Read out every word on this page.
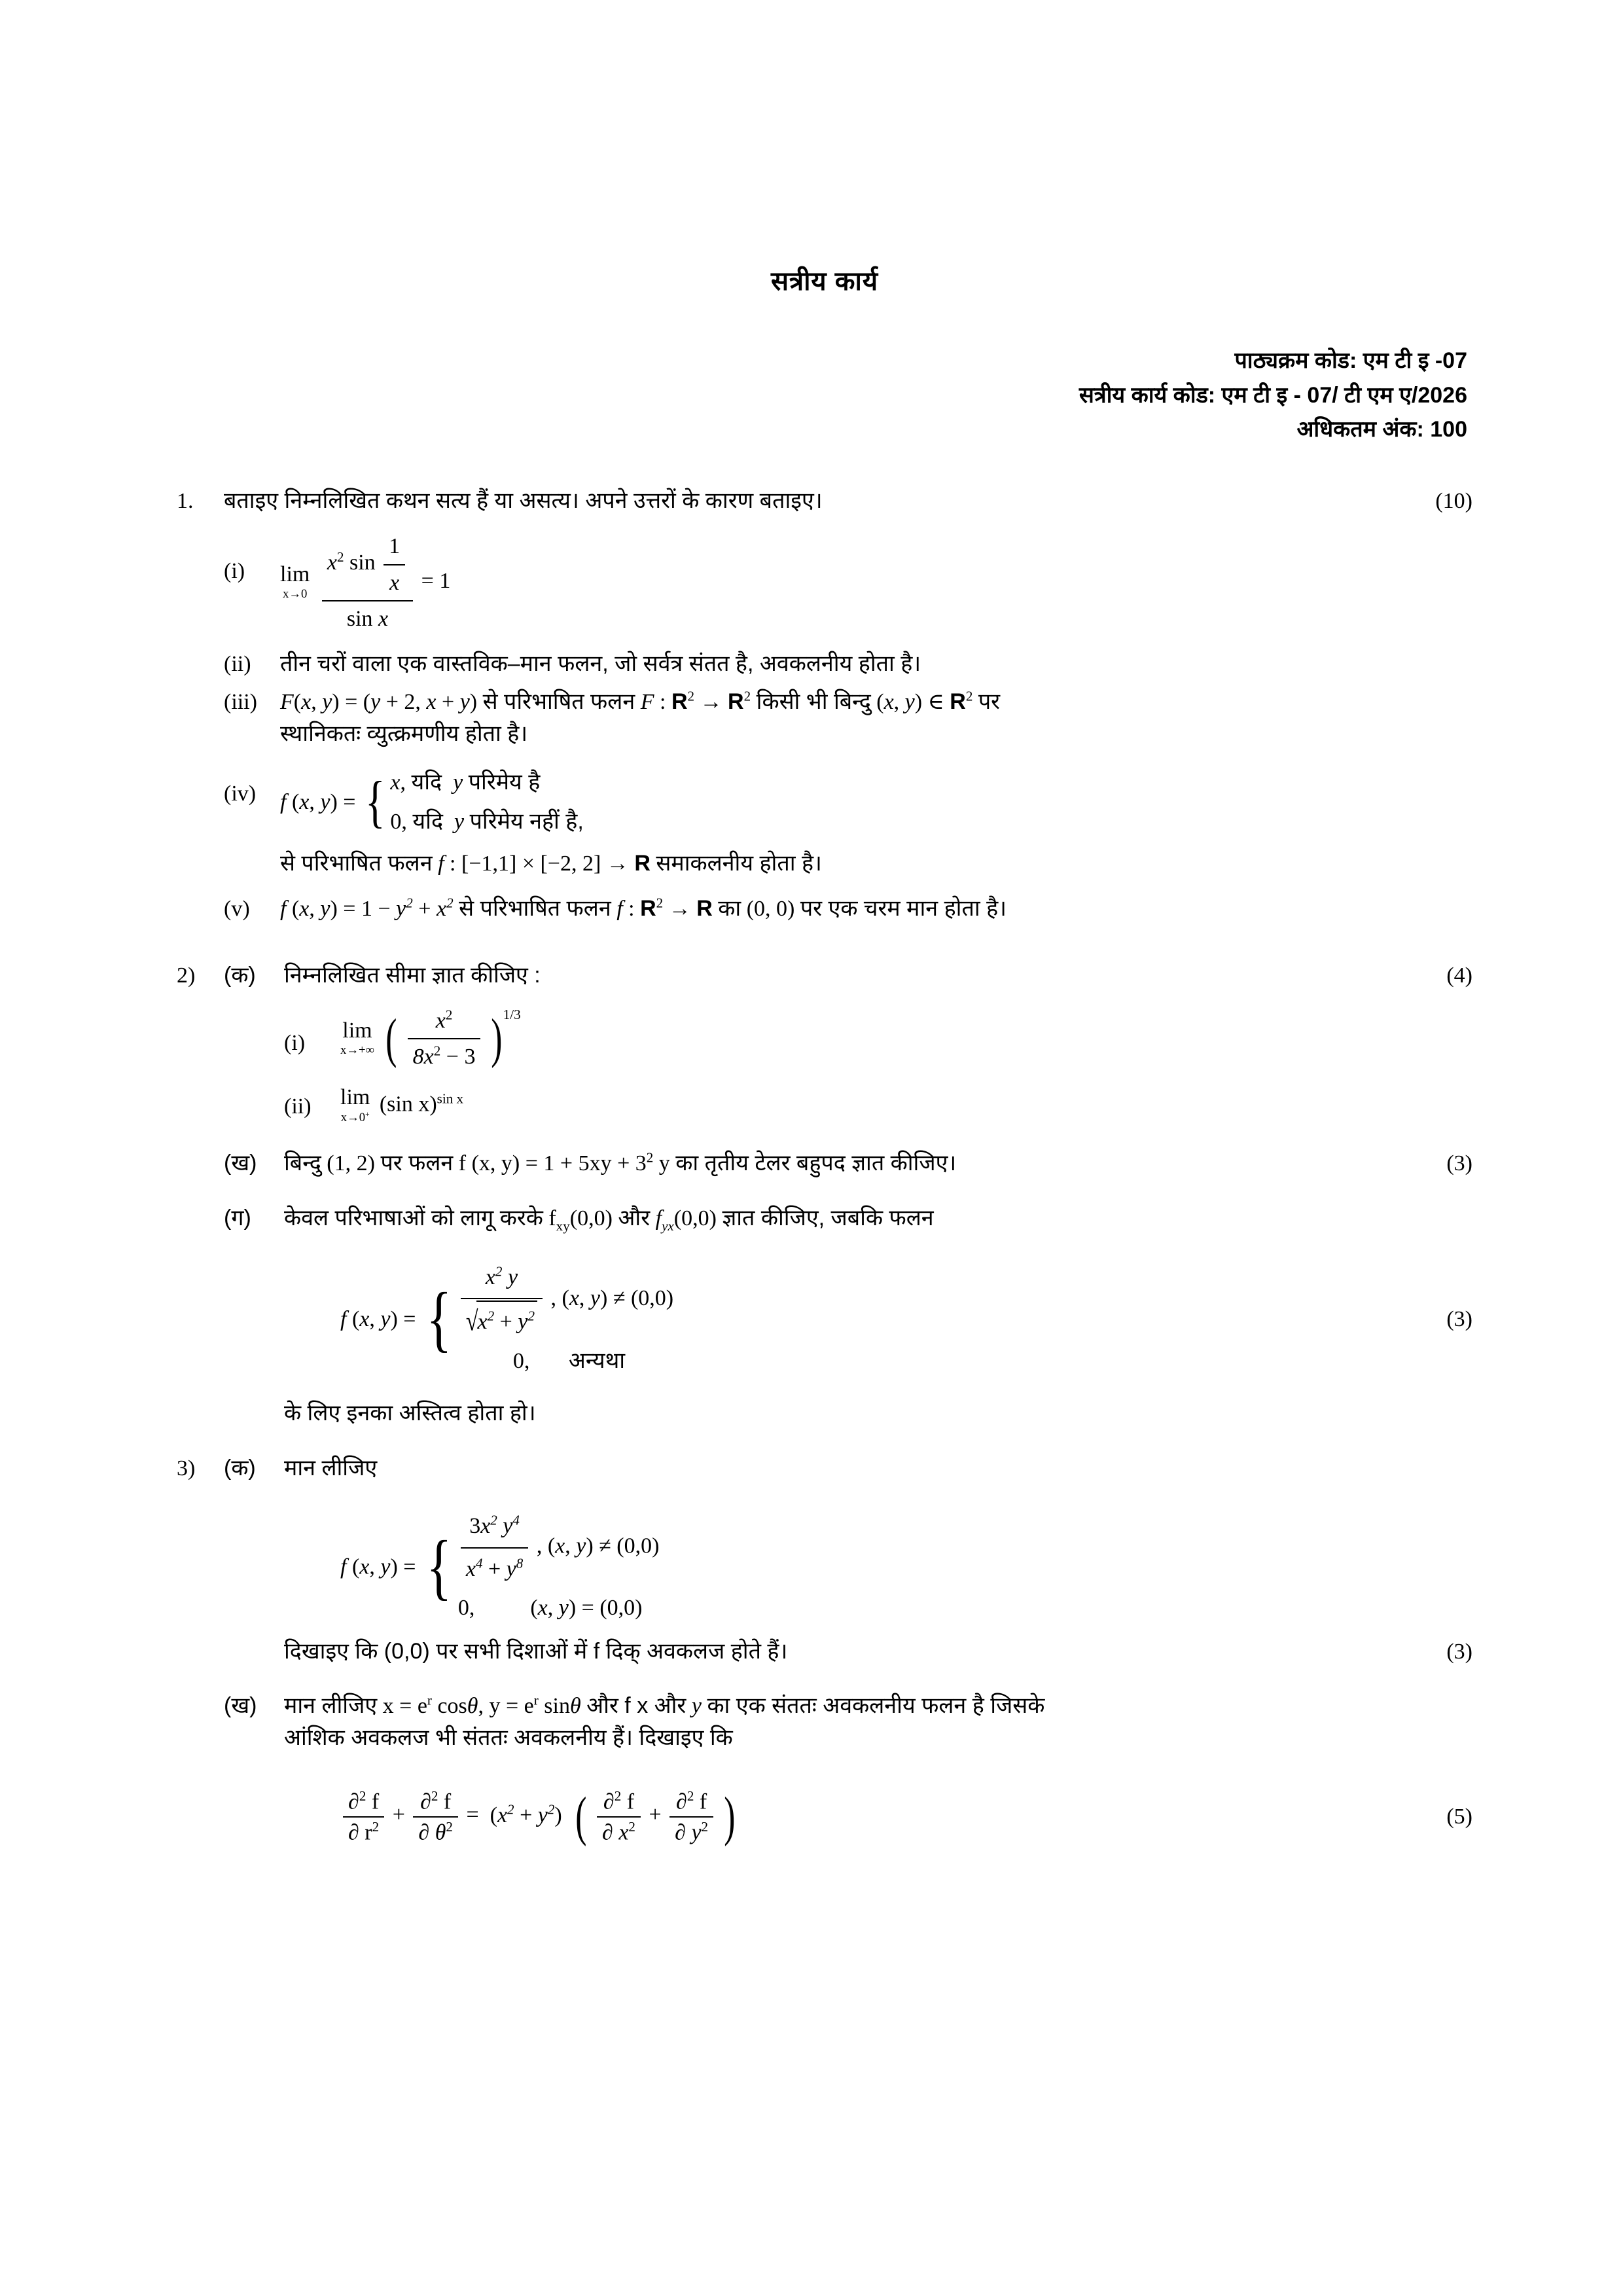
सत्रीय कार्य
पाठ्यक्रम कोड: एम टी इ -07
सत्रीय कार्य कोड: एम टी इ - 07/ टी एम ए/2026
अधिकतम अंक: 100
1.	बताइए निम्नलिखित कथन सत्य हैं या असत्य। अपने उत्तरों के कारण बताइए।	(10)
(i)	lim
x→0
$\frac{x^2 \sin \frac{1}{x}}{\text{sin x}} = 1$
(ii)	तीन चरों वाला एक वास्तविक–मान फलन, जो सर्वत्र संतत है, अवकलनीय होता है।
(iii)	F(x, y) = (y + 2, x + y) से परिभाषित फलन F : $R^2 \to R^2$ किसी भी बिन्दु (x, y) ∈ $R^2$ पर
स्थानिकतः व्युत्क्रमणीय होता है।
(iv)	f (x, y) = { x, यदि y परिमेय है
0, यदि y परिमेय नहीं है,
से परिभाषित फलन f : [−1,1] × [−2, 2] → R समाकलनीय होता है।
(v)	f (x, $y) = 1 - y^2 + x^2$ से परिभाषित फलन f : $R^2 \to R$ का (0, 0) पर एक चरम मान होता है।
2)	(क)	निम्नलिखित सीमा ज्ञात कीजिए :	(4)
(i)
lim
x→+∞ ( $\frac{x^2}{8x^2 - 3} )^{1/3}$
(ii)	lim
x→0+ (sin x)$^{sin x}$
(ख)	बिन्दु (1, 2) पर फलन f (x, $y) = 1 + 5xy + 3^2$ y का तृतीय टेलर बहुपद ज्ञात कीजिए।	(3)
(ग)	केवल परिभाषाओं को लागू करके $f_{xy}(0,0)$ और $f_{yx}(0,0)$ ज्ञात कीजिए, जबकि फलन
f (x, y) = { $\frac{x^2 y}{√x^2 + y^2}$ , (x, y) ≠ (0,0)
0, अन्यथा
(3)
के लिए इनका अस्तित्व होता हो।
3)	(क)	मान लीजिए
f (x, y) = { $\frac{3x^2 y^4}{x^4 + y^8}$ , (x, y) ≠ (0,0)
0,	(x, y) = (0,0)
दिखाइए कि (0,0) पर सभी दिशाओं में f दिक् अवकलज होते हैं।	(3)
(ख)	मान लीजिए $x = e^r$ cosθ, $y = e^r$ sinθ और f x और y का एक संततः अवकलनीय फलन है जिसके
आंशिक अवकलज भी संततः अवकलनीय हैं। दिखाइए कि
$\frac{\partial^2 f}{\partial r^2} + \frac{\partial^2 f}{\partial \theta^2} = (x^2 + y^2)$ ( $\frac{\partial^2 f}{\partial x^2} + \frac{\partial^2 f}{\partial y^2}$ )	(5)
